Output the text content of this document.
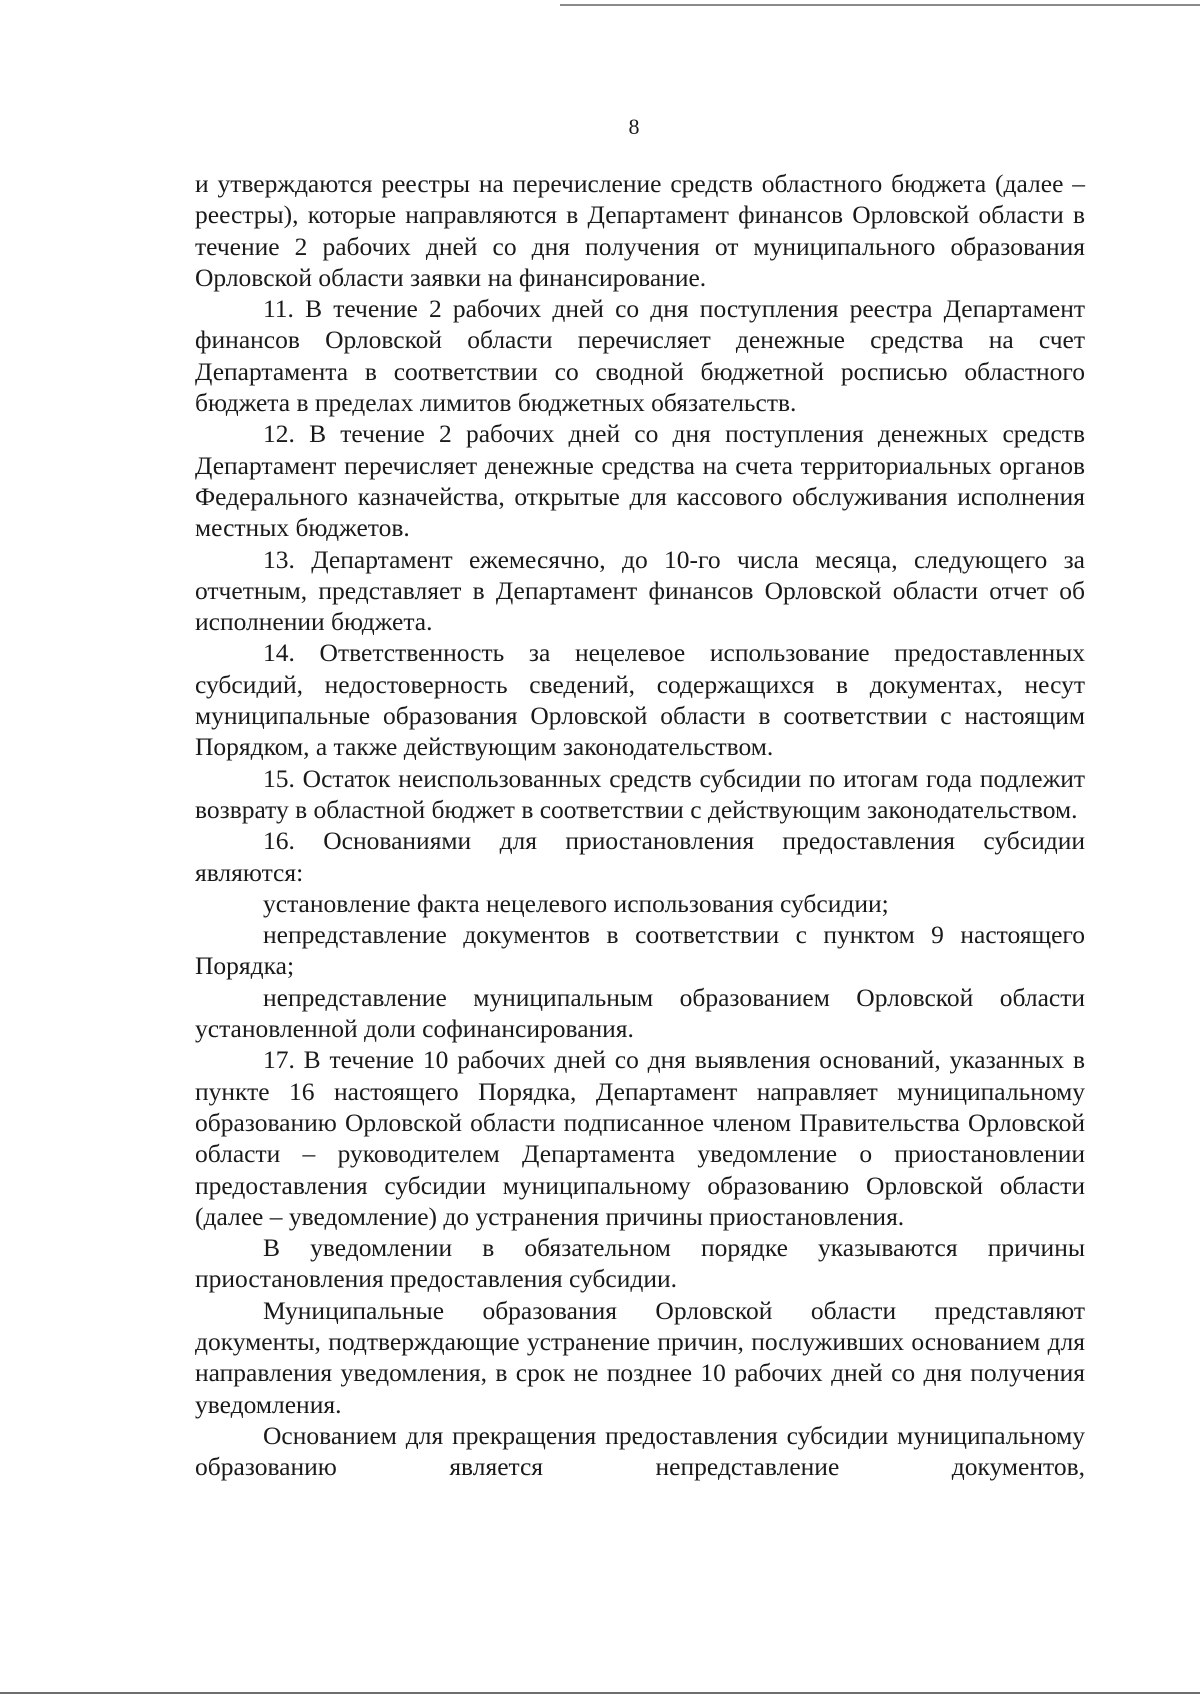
8

и утверждаются реестры на перечисление средств областного бюджета (далее – реестры), которые направляются в Департамент финансов Орловской области в течение 2 рабочих дней со дня получения от муниципального образования Орловской области заявки на финансирование.

11. В течение 2 рабочих дней со дня поступления реестра Департамент финансов Орловской области перечисляет денежные средства на счет Департамента в соответствии со сводной бюджетной росписью областного бюджета в пределах лимитов бюджетных обязательств.

12. В течение 2 рабочих дней со дня поступления денежных средств Департамент перечисляет денежные средства на счета территориальных органов Федерального казначейства, открытые для кассового обслуживания исполнения местных бюджетов.

13. Департамент ежемесячно, до 10-го числа месяца, следующего за отчетным, представляет в Департамент финансов Орловской области отчет об исполнении бюджета.

14. Ответственность за нецелевое использование предоставленных субсидий, недостоверность сведений, содержащихся в документах, несут муниципальные образования Орловской области в соответствии с настоящим Порядком, а также действующим законодательством.

15. Остаток неиспользованных средств субсидии по итогам года подлежит возврату в областной бюджет в соответствии с действующим законодательством.

16. Основаниями для приостановления предоставления субсидии являются:

установление факта нецелевого использования субсидии;

непредставление документов в соответствии с пунктом 9 настоящего Порядка;

непредставление муниципальным образованием Орловской области установленной доли софинансирования.

17. В течение 10 рабочих дней со дня выявления оснований, указанных в пункте 16 настоящего Порядка, Департамент направляет муниципальному образованию Орловской области подписанное членом Правительства Орловской области – руководителем Департамента уведомление о приостановлении предоставления субсидии муниципальному образованию Орловской области (далее – уведомление) до устранения причины приостановления.

В уведомлении в обязательном порядке указываются причины приостановления предоставления субсидии.

Муниципальные образования Орловской области представляют документы, подтверждающие устранение причин, послуживших основанием для направления уведомления, в срок не позднее 10 рабочих дней со дня получения уведомления.

Основанием для прекращения предоставления субсидии муниципальному образованию является непредставление документов,
